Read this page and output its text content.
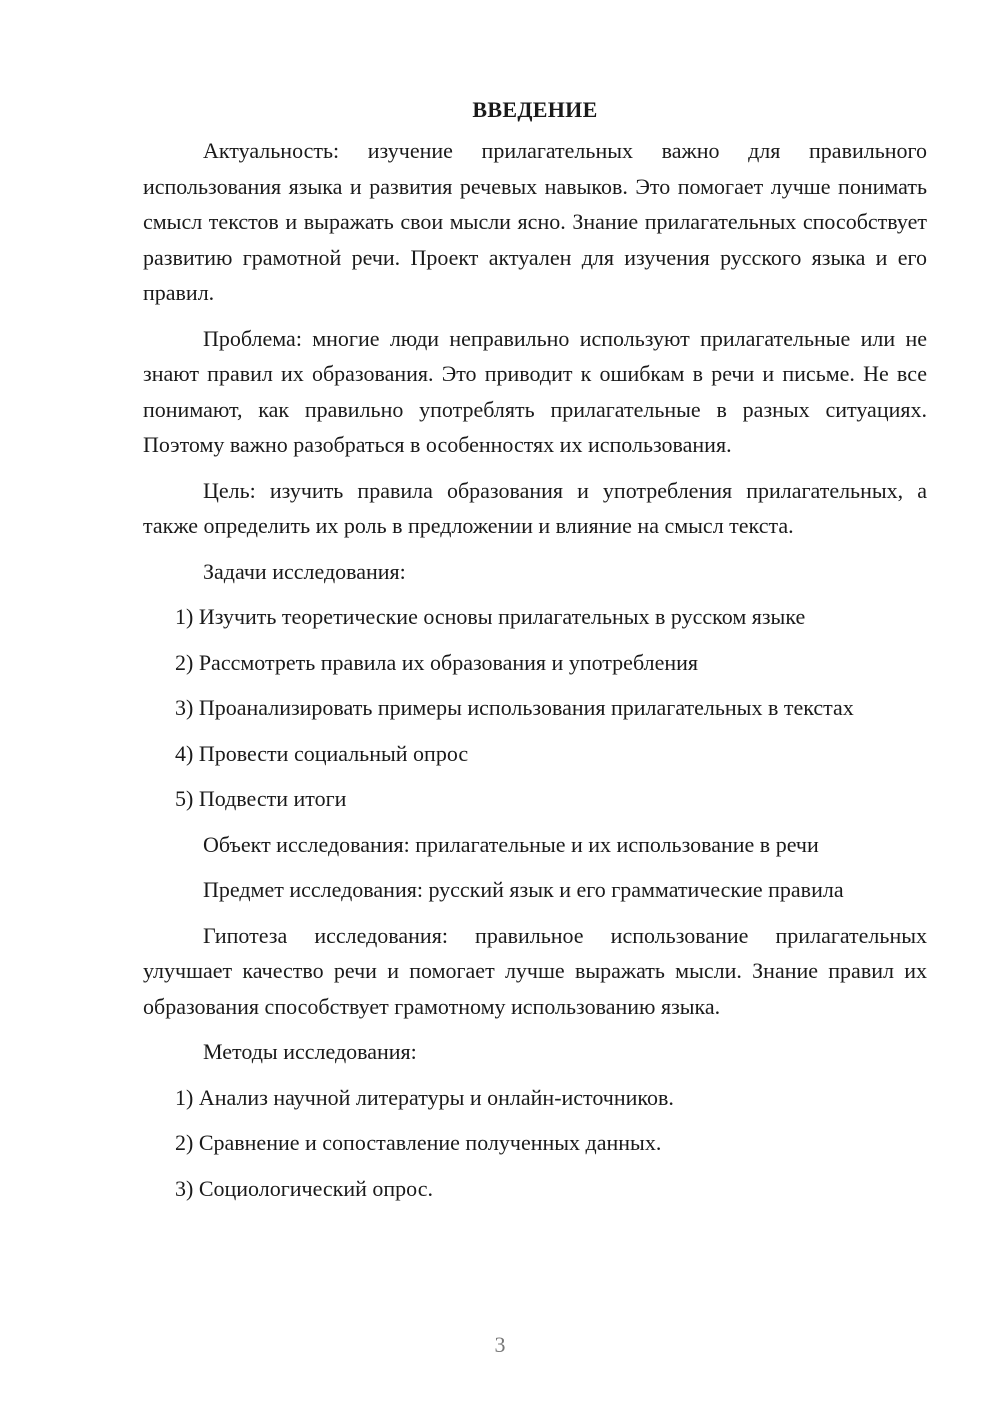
ВВЕДЕНИЕ

Актуальность: изучение прилагательных важно для правильного использования языка и развития речевых навыков. Это помогает лучше понимать смысл текстов и выражать свои мысли ясно. Знание прилагательных способствует развитию грамотной речи. Проект актуален для изучения русского языка и его правил.

Проблема: многие люди неправильно используют прилагательные или не знают правил их образования. Это приводит к ошибкам в речи и письме. Не все понимают, как правильно употреблять прилагательные в разных ситуациях. Поэтому важно разобраться в особенностях их использования.

Цель: изучить правила образования и употребления прилагательных, а также определить их роль в предложении и влияние на смысл текста.

Задачи исследования:

1) Изучить теоретические основы прилагательных в русском языке

2) Рассмотреть правила их образования и употребления

3) Проанализировать примеры использования прилагательных в текстах

4) Провести социальный опрос

5) Подвести итоги

Объект исследования: прилагательные и их использование в речи
Предмет исследования: русский язык и его грамматические правила

Гипотеза исследования: правильное использование прилагательных улучшает качество речи и помогает лучше выражать мысли. Знание правил их образования способствует грамотному использованию языка.

Методы исследования:

1) Анализ научной литературы и онлайн-источников.

2) Сравнение и сопоставление полученных данных.

3) Социологический опрос.

3
